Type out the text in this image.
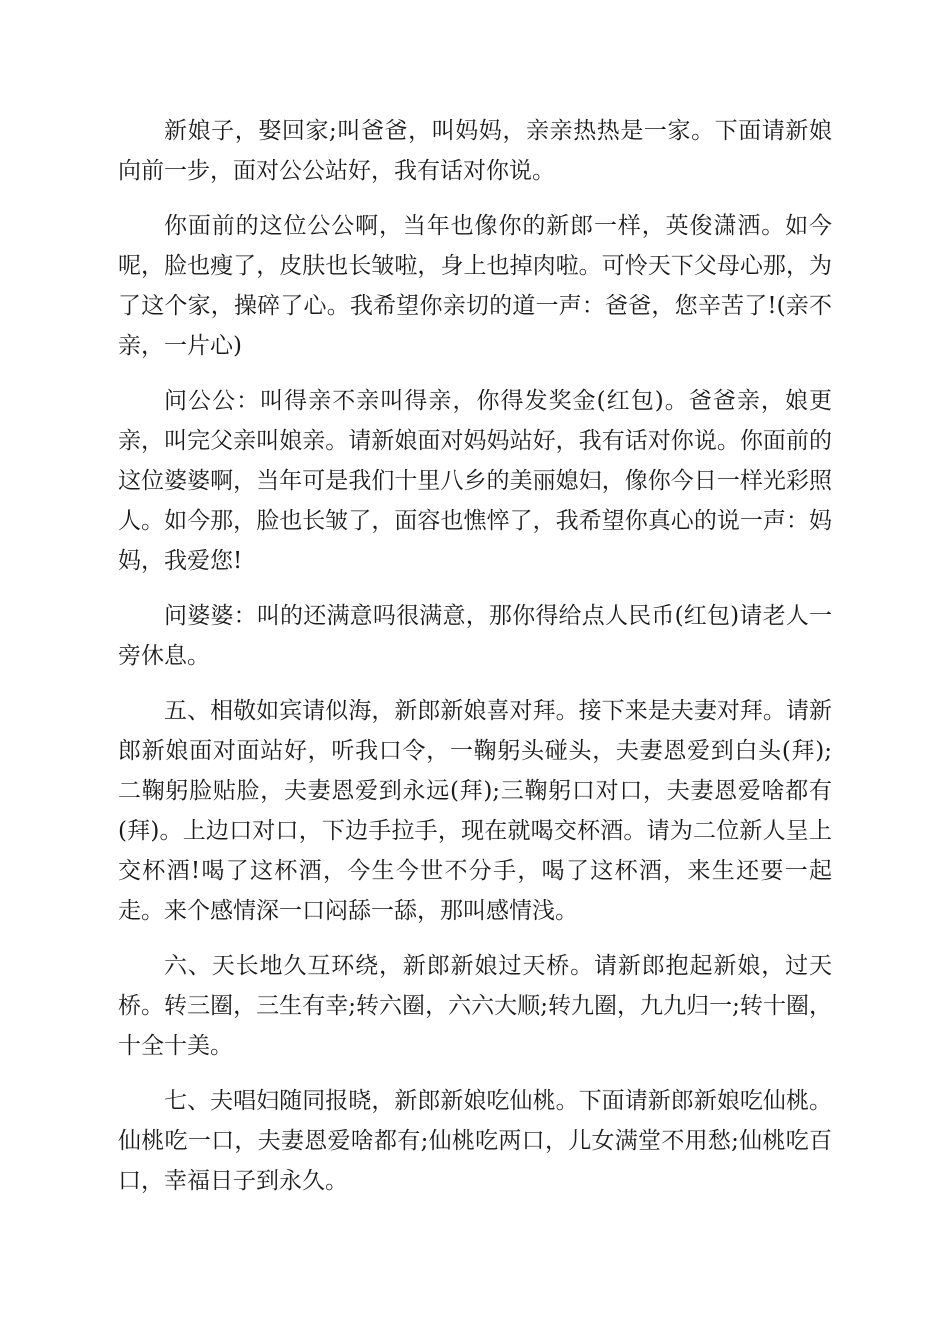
新娘子，娶回家;叫爸爸，叫妈妈，亲亲热热是一家。下面请新娘向前一步，面对公公站好，我有话对你说。

你面前的这位公公啊，当年也像你的新郎一样，英俊潇洒。如今呢，脸也瘦了，皮肤也长皱啦，身上也掉肉啦。可怜天下父母心那，为了这个家，操碎了心。我希望你亲切的道一声：爸爸，您辛苦了!(亲不亲，一片心)

问公公：叫得亲不亲叫得亲，你得发奖金(红包)。爸爸亲，娘更亲，叫完父亲叫娘亲。请新娘面对妈妈站好，我有话对你说。你面前的这位婆婆啊，当年可是我们十里八乡的美丽媳妇，像你今日一样光彩照人。如今那，脸也长皱了，面容也憔悴了，我希望你真心的说一声：妈妈，我爱您!

问婆婆：叫的还满意吗很满意，那你得给点人民币(红包)请老人一旁休息。

五、相敬如宾请似海，新郎新娘喜对拜。接下来是夫妻对拜。请新郎新娘面对面站好，听我口令，一鞠躬头碰头，夫妻恩爱到白头(拜);二鞠躬脸贴脸，夫妻恩爱到永远(拜);三鞠躬口对口，夫妻恩爱啥都有(拜)。上边口对口，下边手拉手，现在就喝交杯酒。请为二位新人呈上交杯酒!喝了这杯酒，今生今世不分手，喝了这杯酒，来生还要一起走。来个感情深一口闷舔一舔，那叫感情浅。

六、天长地久互环绕，新郎新娘过天桥。请新郎抱起新娘，过天桥。转三圈，三生有幸;转六圈，六六大顺;转九圈，九九归一;转十圈，十全十美。

七、夫唱妇随同报晓，新郎新娘吃仙桃。下面请新郎新娘吃仙桃。仙桃吃一口，夫妻恩爱啥都有;仙桃吃两口，儿女满堂不用愁;仙桃吃百口，幸福日子到永久。
